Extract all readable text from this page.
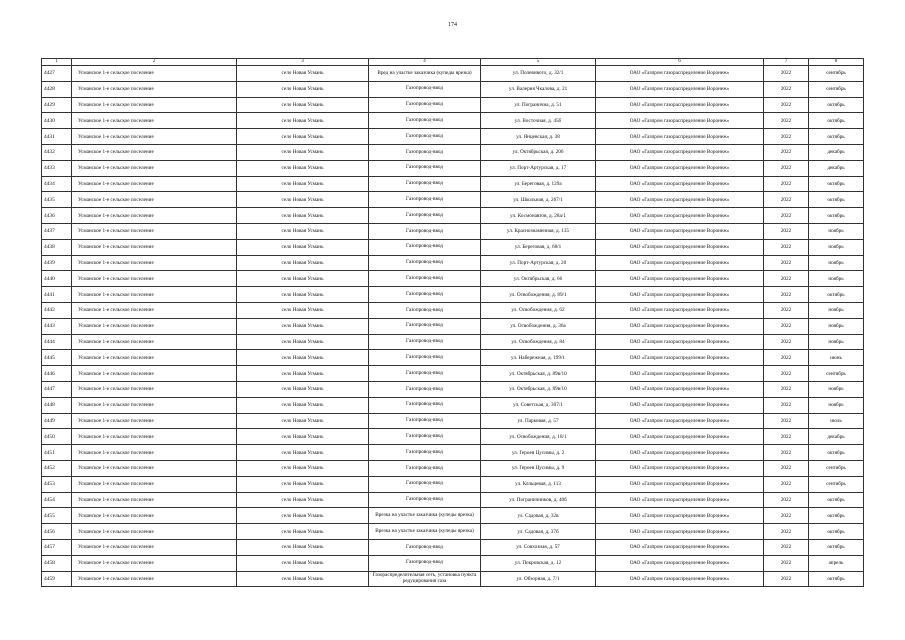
174
1	2	3	4	5	6	7	8
4427	Усманское 1-е сельское поселение	село Новая Усмань	Вред на участке заказчика (купеды врезка)	ул. Полевивого, д. 32/1	ОАО «Газпром газораспределение Воронеж»	2022	сентябрь
4428	Усманское 1-е сельское поселение	село Новая Усмань	Газопровод-ввод	ул. Валерия Чкалова, д. 21	ОАО «Газпром газораспределение Воронеж»	2022	сентябрь
4429	Усманское 1-е сельское поселение	село Новая Усмань	Газопровод-ввод	ул. Погранична, д. 51	ОАО «Газпром газораспределение Воронеж»	2022	октябрь
4430	Усманское 1-е сельское поселение	село Новая Усмань	Газопровод-ввод	ул. Восточная, д. 45б	ОАО «Газпром газораспределение Воронеж»	2022	октябрь
4431	Усманское 1-е сельское поселение	село Новая Усмань	Газопровод-ввод	ул. Янцевская, д. 38	ОАО «Газпром газораспределение Воронеж»	2022	октябрь
4432	Усманское 1-е сельское поселение	село Новая Усмань	Газопровод-ввод	ул. Октябрьская, д. 206	ОАО «Газпром газораспределение Воронеж»	2022	декабрь
4433	Усманское 1-е сельское поселение	село Новая Усмань	Газопровод-ввод	ул. Порт-Артурская, д. 17	ОАО «Газпром газораспределение Воронеж»	2022	декабрь
4434	Усманское 1-е сельское поселение	село Новая Усмань	Газопровод-ввод	ул. Береговая, д. 129а	ОАО «Газпром газораспределение Воронеж»	2022	октябрь
4435	Усманское 1-е сельское поселение	село Новая Усмань	Газопровод-ввод	ул. Школьная, д. 267/1	ОАО «Газпром газораспределение Воронеж»	2022	октябрь
4436	Усманское 1-е сельское поселение	село Новая Усмань	Газопровод-ввод	ул. Космонавтов, д. 28а/1	ОАО «Газпром газораспределение Воронеж»	2022	октябрь
4437	Усманское 1-е сельское поселение	село Новая Усмань	Газопровод-ввод	ул. Краснознаменная, д. 135	ОАО «Газпром газораспределение Воронеж»	2022	ноябрь
4438	Усманское 1-е сельское поселение	село Новая Усмань	Газопровод-ввод	ул. Береговая, д. 68/1	ОАО «Газпром газораспределение Воронеж»	2022	ноябрь
4439	Усманское 1-е сельское поселение	село Новая Усмань	Газопровод-ввод	ул. Порт-Артурская, д. 20	ОАО «Газпром газораспределение Воронеж»	2022	ноябрь
4440	Усманское 1-е сельское поселение	село Новая Усмань	Газопровод-ввод	ул. Октябрьская, д. 66	ОАО «Газпром газораспределение Воронеж»	2022	ноябрь
4441	Усманское 1-е сельское поселение	село Новая Усмань	Газопровод-ввод	ул. Освобождения, д. 89/1	ОАО «Газпром газораспределение Воронеж»	2022	октябрь
4442	Усманское 1-е сельское поселение	село Новая Усмань	Газопровод-ввод	ул. Освобождения, д. 62	ОАО «Газпром газораспределение Воронеж»	2022	ноябрь
4443	Усманское 1-е сельское поселение	село Новая Усмань	Газопровод-ввод	ул. Освобождения, д. 36а	ОАО «Газпром газораспределение Воронеж»	2022	ноябрь
4444	Усманское 1-е сельское поселение	село Новая Усмань	Газопровод-ввод	ул. Освобождения, д. 84	ОАО «Газпром газораспределение Воронеж»	2022	ноябрь
4445	Усманское 1-е сельское поселение	село Новая Усмань	Газопровод-ввод	ул. Набережная, д. 199/1	ОАО «Газпром газораспределение Воронеж»	2022	июнь
4446	Усманское 1-е сельское поселение	село Новая Усмань	Газопровод-ввод	ул. Октябрьская, д. 89в/10	ОАО «Газпром газораспределение Воронеж»	2022	сентябрь
4447	Усманское 1-е сельское поселение	село Новая Усмань	Газопровод-ввод	ул. Октябрьская, д. 89в/10	ОАО «Газпром газораспределение Воронеж»	2022	ноябрь
4448	Усманское 1-е сельское поселение	село Новая Усмань	Газопровод-ввод	ул. Советская, д. 307/1	ОАО «Газпром газораспределение Воронеж»	2022	ноябрь
4449	Усманское 1-е сельское поселение	село Новая Усмань	Газопровод-ввод	ул. Парковая, д. 57	ОАО «Газпром газораспределение Воронеж»	2022	июль
4450	Усманское 1-е сельское поселение	село Новая Усмань	Газопровод-ввод	ул. Освобождения, д. 18/1	ОАО «Газпром газораспределение Воронеж»	2022	декабрь
4451	Усманское 1-е сельское поселение	село Новая Усмань	Газопровод-ввод	ул. Героев Цусимы, д. 2	ОАО «Газпром газораспределение Воронеж»	2022	октябрь
4452	Усманское 1-е сельское поселение	село Новая Усмань	Газопровод-ввод	ул. Героев Цусимы, д. 9	ОАО «Газпром газораспределение Воронеж»	2022	сентябрь
4453	Усманское 1-е сельское поселение	село Новая Усмань	Газопровод-ввод	ул. Кольцевая, д. 113	ОАО «Газпром газораспределение Воронеж»	2022	сентябрь
4454	Усманское 1-е сельское поселение	село Новая Усмань	Газопровод-ввод	ул. Пограничников, д. 40б	ОАО «Газпром газораспределение Воронеж»	2022	октябрь
4455	Усманское 1-е сельское поселение	село Новая Усмань	Врезка на участке заказчика (купеды врезка)	ул. Садовая, д. 32в	ОАО «Газпром газораспределение Воронеж»	2022	октябрь
4456	Усманское 1-е сельское поселение	село Новая Усмань	Врезка на участке заказчика (купеды врезка)	ул. Садовая, д. 37б	ОАО «Газпром газораспределение Воронеж»	2022	октябрь
4457	Усманское 1-е сельское поселение	село Новая Усмань	Газопровод-ввод	ул. Совхозная, д. 57	ОАО «Газпром газораспределение Воронеж»	2022	октябрь
4458	Усманское 1-е сельское поселение	село Новая Усмань	Газопровод-ввод	ул. Покровская, д. 12	ОАО «Газпром газораспределение Воронеж»	2022	апрель
4459	Усманское 1-е сельское поселение	село Новая Усмань	Газораспределительная сеть, установка пункта редуцирования газа	ул. Обзорная, д. 7/1	ОАО «Газпром газораспределение Воронеж»	2022	октябрь
